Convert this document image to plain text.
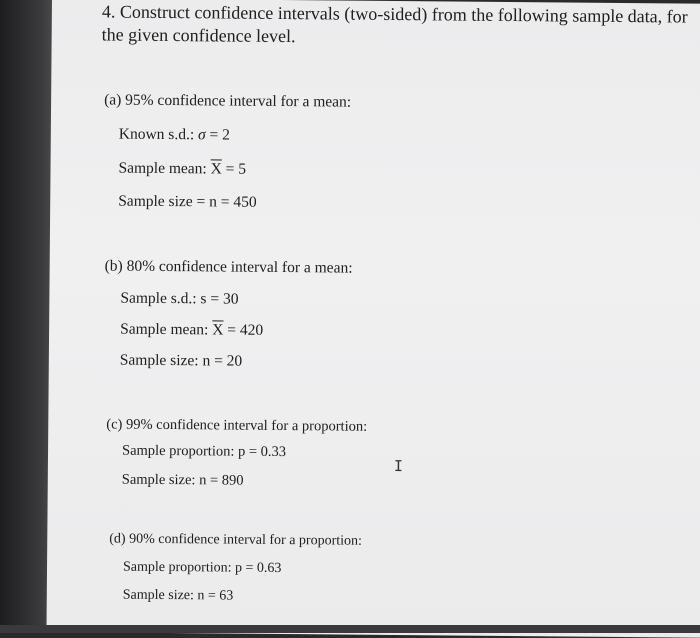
4. Construct confidence intervals (two-sided) from the following sample data, for

the given confidence level.

(a) 95% confidence interval for a mean:

Known s.d.: σ = 2

Sample mean: $\overline{X} = 5$

Sample size = n = 450

(b) 80% confidence interval for a mean:

Sample s.d.: s = 30

Sample mean: $\overline{X} = 420$

Sample size: n = 20

(c) 99% confidence interval for a proportion:

Sample proportion: p = 0.33

Sample size: n = 890

(d) 90% confidence interval for a proportion:

Sample proportion: p = 0.63

Sample size: n = 63

I
